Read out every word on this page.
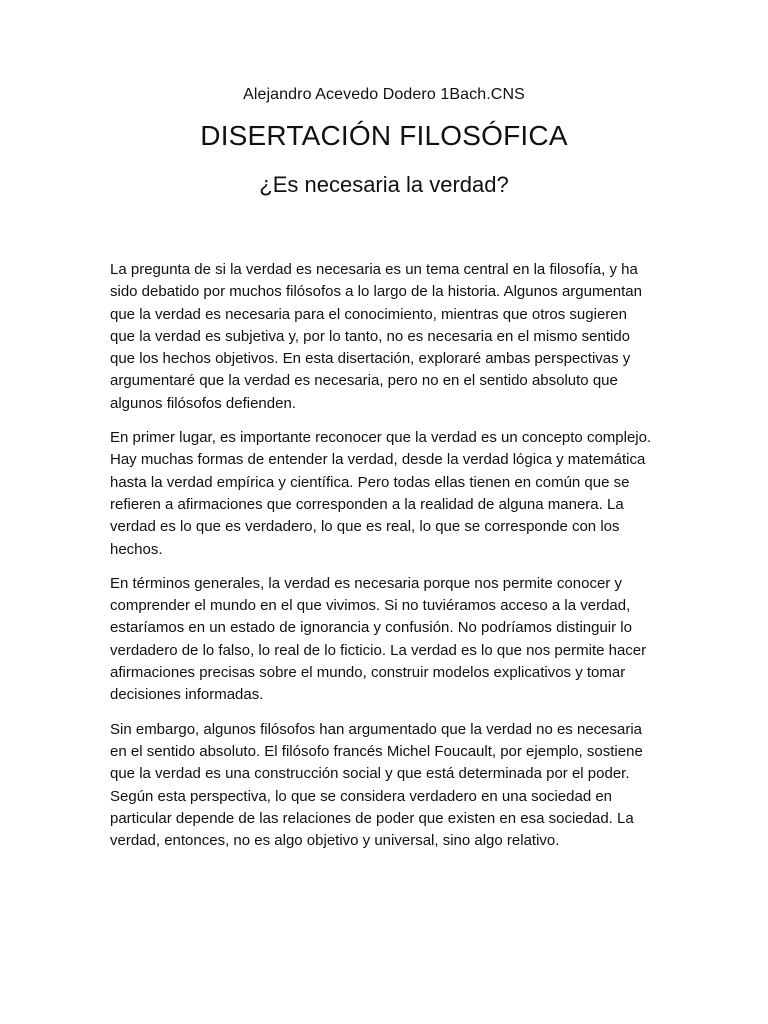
Alejandro Acevedo Dodero 1Bach.CNS
DISERTACIÓN FILOSÓFICA
¿Es necesaria la verdad?

La pregunta de si la verdad es necesaria es un tema central en la filosofía, y ha sido debatido por muchos filósofos a lo largo de la historia. Algunos argumentan que la verdad es necesaria para el conocimiento, mientras que otros sugieren que la verdad es subjetiva y, por lo tanto, no es necesaria en el mismo sentido que los hechos objetivos. En esta disertación, exploraré ambas perspectivas y argumentaré que la verdad es necesaria, pero no en el sentido absoluto que algunos filósofos defienden.

En primer lugar, es importante reconocer que la verdad es un concepto complejo. Hay muchas formas de entender la verdad, desde la verdad lógica y matemática hasta la verdad empírica y científica. Pero todas ellas tienen en común que se refieren a afirmaciones que corresponden a la realidad de alguna manera. La verdad es lo que es verdadero, lo que es real, lo que se corresponde con los hechos.

En términos generales, la verdad es necesaria porque nos permite conocer y comprender el mundo en el que vivimos. Si no tuviéramos acceso a la verdad, estaríamos en un estado de ignorancia y confusión. No podríamos distinguir lo verdadero de lo falso, lo real de lo ficticio. La verdad es lo que nos permite hacer afirmaciones precisas sobre el mundo, construir modelos explicativos y tomar decisiones informadas.

Sin embargo, algunos filósofos han argumentado que la verdad no es necesaria en el sentido absoluto. El filósofo francés Michel Foucault, por ejemplo, sostiene que la verdad es una construcción social y que está determinada por el poder. Según esta perspectiva, lo que se considera verdadero en una sociedad en particular depende de las relaciones de poder que existen en esa sociedad. La verdad, entonces, no es algo objetivo y universal, sino algo relativo.
